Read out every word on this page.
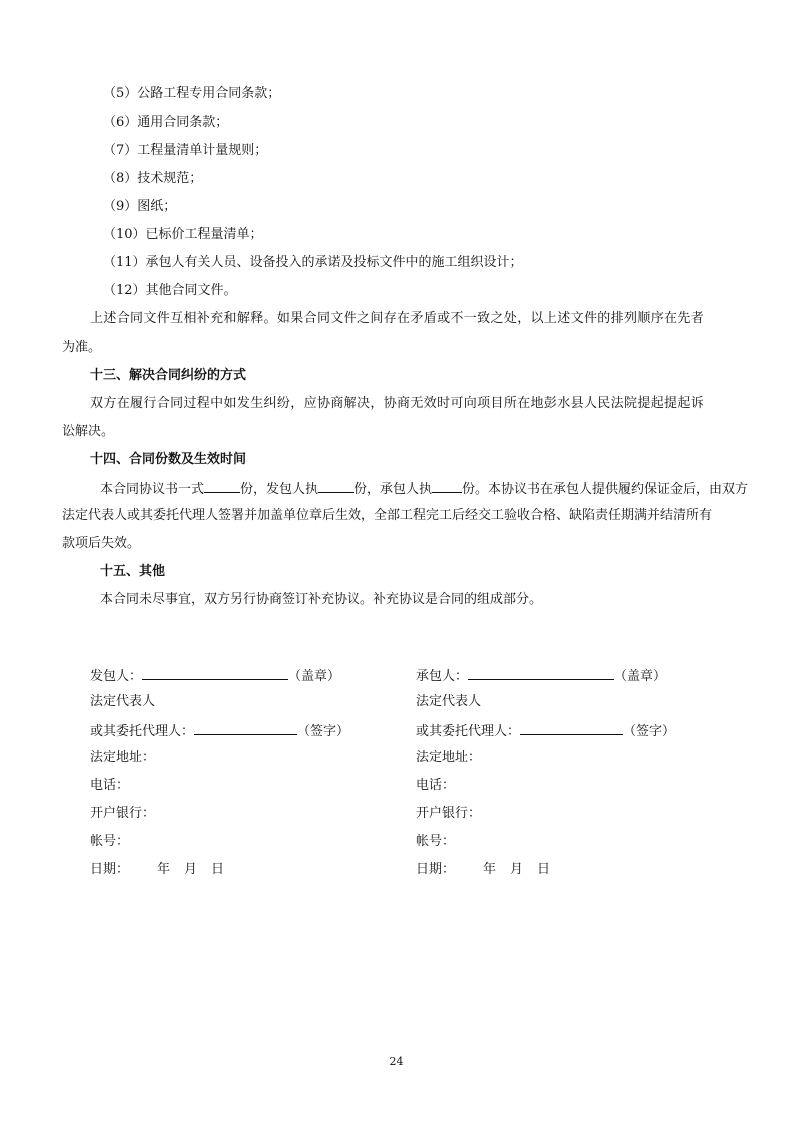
（5）公路工程专用合同条款；
（6）通用合同条款；
（7）工程量清单计量规则；
（8）技术规范；
（9）图纸；
（10）已标价工程量清单；
（11）承包人有关人员、设备投入的承诺及投标文件中的施工组织设计；
（12）其他合同文件。
上述合同文件互相补充和解释。如果合同文件之间存在矛盾或不一致之处，以上述文件的排列顺序在先者
为准。
十三、解决合同纠纷的方式
双方在履行合同过程中如发生纠纷，应协商解决，协商无效时可向项目所在地彭水县人民法院提起提起诉
讼解决。
十四、合同份数及生效时间
本合同协议书一式	份，发包人执	份，承包人执 份。本协议书在承包人提供履约保证金后，由双方
法定代表人或其委托代理人签署并加盖单位章后生效，全部工程完工后经交工验收合格、缺陷责任期满并结清所有
款项后失效。
十五、其他
本合同未尽事宜，双方另行协商签订补充协议。补充协议是合同的组成部分。
发包人：	（盖章）
法定代表人
或其委托代理人：	（签字）
法定地址：
电话：
开户银行：
帐号：
日期： 年 月 日
承包人：	（盖章）
法定代表人
或其委托代理人：	（签字）
法定地址：
电话：
开户银行：
帐号：
日期： 年 月 日
24
